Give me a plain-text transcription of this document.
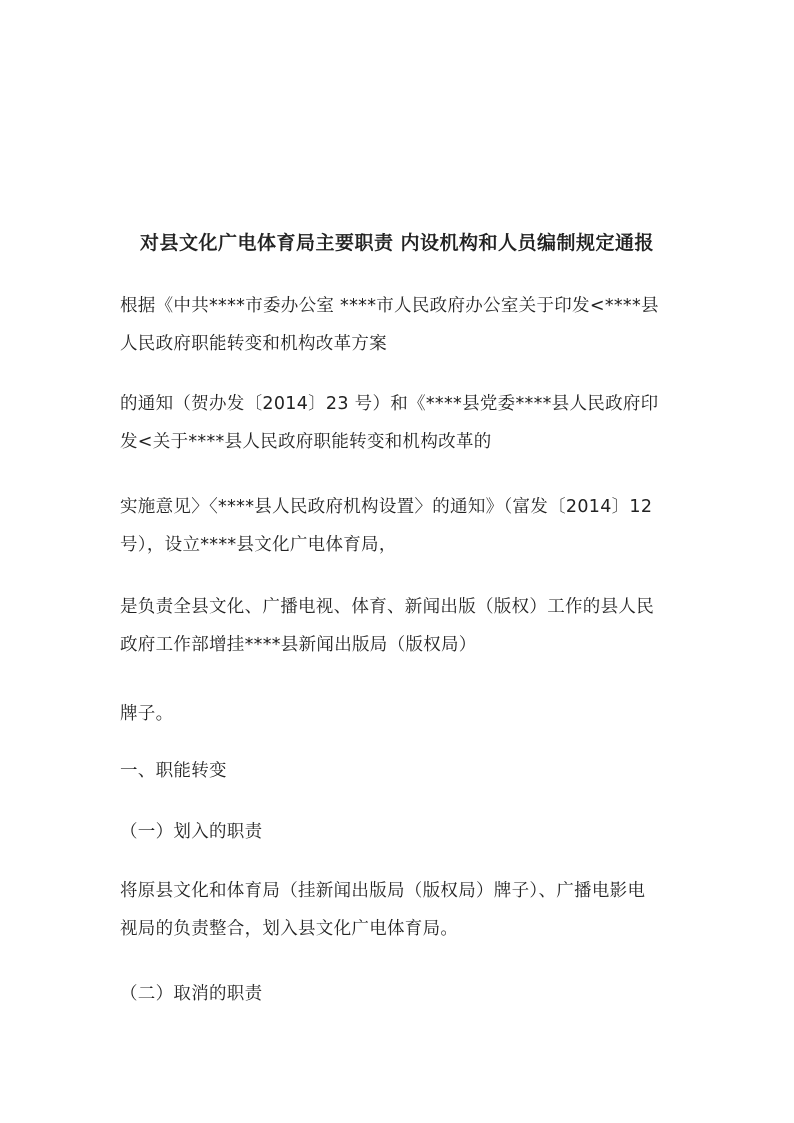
对县文化广电体育局主要职责 内设机构和人员编制规定通报

根据《中共****市委办公室 ****市人民政府办公室关于印发<****县
人民政府职能转变和机构改革方案

的通知（贺办发〔2014〕23 号）和《****县党委****县人民政府印
发<关于****县人民政府职能转变和机构改革的

实施意见〉〈****县人民政府机构设置〉的通知》（富发〔2014〕12
号），设立****县文化广电体育局，

是负责全县文化、广播电视、体育、新闻出版（版权）工作的县人民
政府工作部增挂****县新闻出版局（版权局）

牌子。

一、职能转变

（一）划入的职责

将原县文化和体育局（挂新闻出版局（版权局）牌子）、广播电影电
视局的负责整合，划入县文化广电体育局。

（二）取消的职责
